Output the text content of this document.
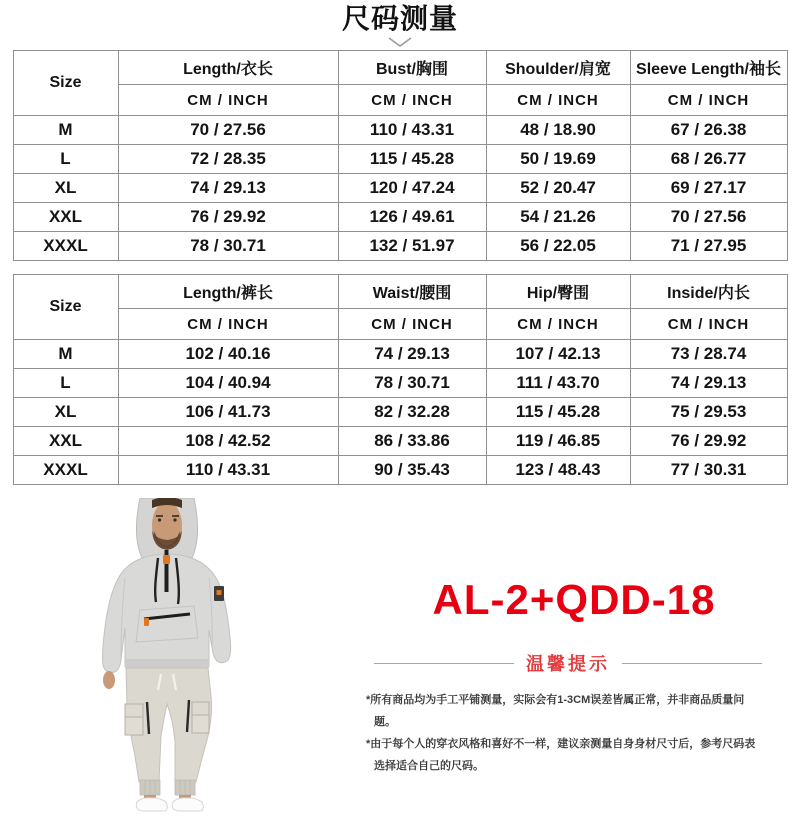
尺码测量
Size	Length/衣长	Bust/胸围	Shoulder/肩宽	Sleeve Length/袖长
	CM / INCH	CM / INCH	CM / INCH	CM / INCH
M	70 / 27.56	110 / 43.31	48 / 18.90	67 / 26.38
L	72 / 28.35	115 / 45.28	50 / 19.69	68 / 26.77
XL	74 / 29.13	120 / 47.24	52 / 20.47	69 / 27.17
XXL	76 / 29.92	126 / 49.61	54 / 21.26	70 / 27.56
XXXL	78 / 30.71	132 / 51.97	56 / 22.05	71 / 27.95
Size	Length/裤长	Waist/腰围	Hip/臀围	Inside/内长
	CM / INCH	CM / INCH	CM / INCH	CM / INCH
M	102 / 40.16	74 / 29.13	107 / 42.13	73 / 28.74
L	104 / 40.94	78 / 30.71	111 / 43.70	74 / 29.13
XL	106 / 41.73	82 / 32.28	115 / 45.28	75 / 29.53
XXL	108 / 42.52	86 / 33.86	119 / 46.85	76 / 29.92
XXXL	110 / 43.31	90 / 35.43	123 / 48.43	77 / 30.31
AL-2+QDD-18
温馨提示

*所有商品均为手工平铺测量，实际会有1-3CM误差皆属正常，并非商品质量问题。

*由于每个人的穿衣风格和喜好不一样，建议亲测量自身身材尺寸后，参考尺码表选择适合自己的尺码。
